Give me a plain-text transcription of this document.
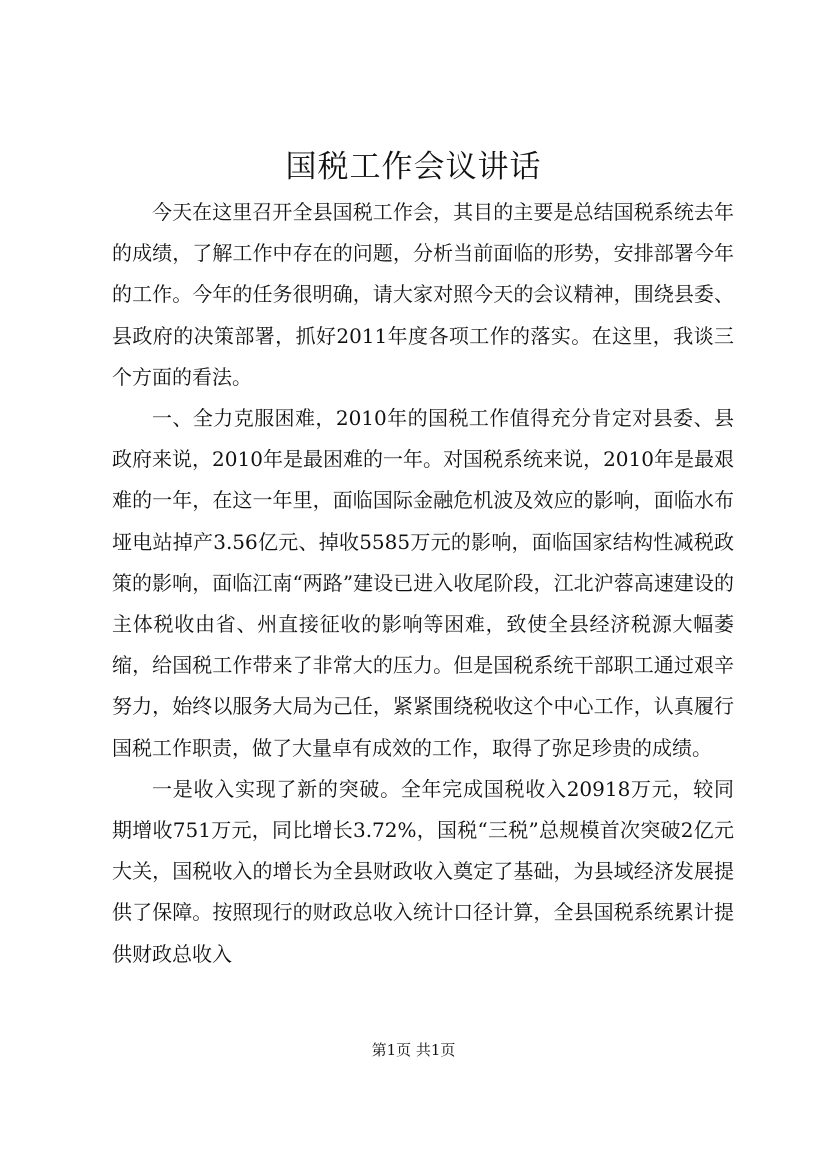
国税工作会议讲话

今天在这里召开全县国税工作会，其目的主要是总结国税系统去年的成绩，了解工作中存在的问题，分析当前面临的形势，安排部署今年的工作。今年的任务很明确，请大家对照今天的会议精神，围绕县委、县政府的决策部署，抓好2011年度各项工作的落实。在这里，我谈三个方面的看法。

一、全力克服困难，2010年的国税工作值得充分肯定对县委、县政府来说，2010年是最困难的一年。对国税系统来说，2010年是最艰难的一年，在这一年里，面临国际金融危机波及效应的影响，面临水布垭电站掉产3.56亿元、掉收5585万元的影响，面临国家结构性减税政策的影响，面临江南“两路”建设已进入收尾阶段，江北沪蓉高速建设的主体税收由省、州直接征收的影响等困难，致使全县经济税源大幅萎缩，给国税工作带来了非常大的压力。但是国税系统干部职工通过艰辛努力，始终以服务大局为己任，紧紧围绕税收这个中心工作，认真履行国税工作职责，做了大量卓有成效的工作，取得了弥足珍贵的成绩。

一是收入实现了新的突破。全年完成国税收入20918万元，较同期增收751万元，同比增长3.72%，国税“三税”总规模首次突破2亿元大关，国税收入的增长为全县财政收入奠定了基础，为县域经济发展提供了保障。按照现行的财政总收入统计口径计算，全县国税系统累计提供财政总收入

第1页 共1页
